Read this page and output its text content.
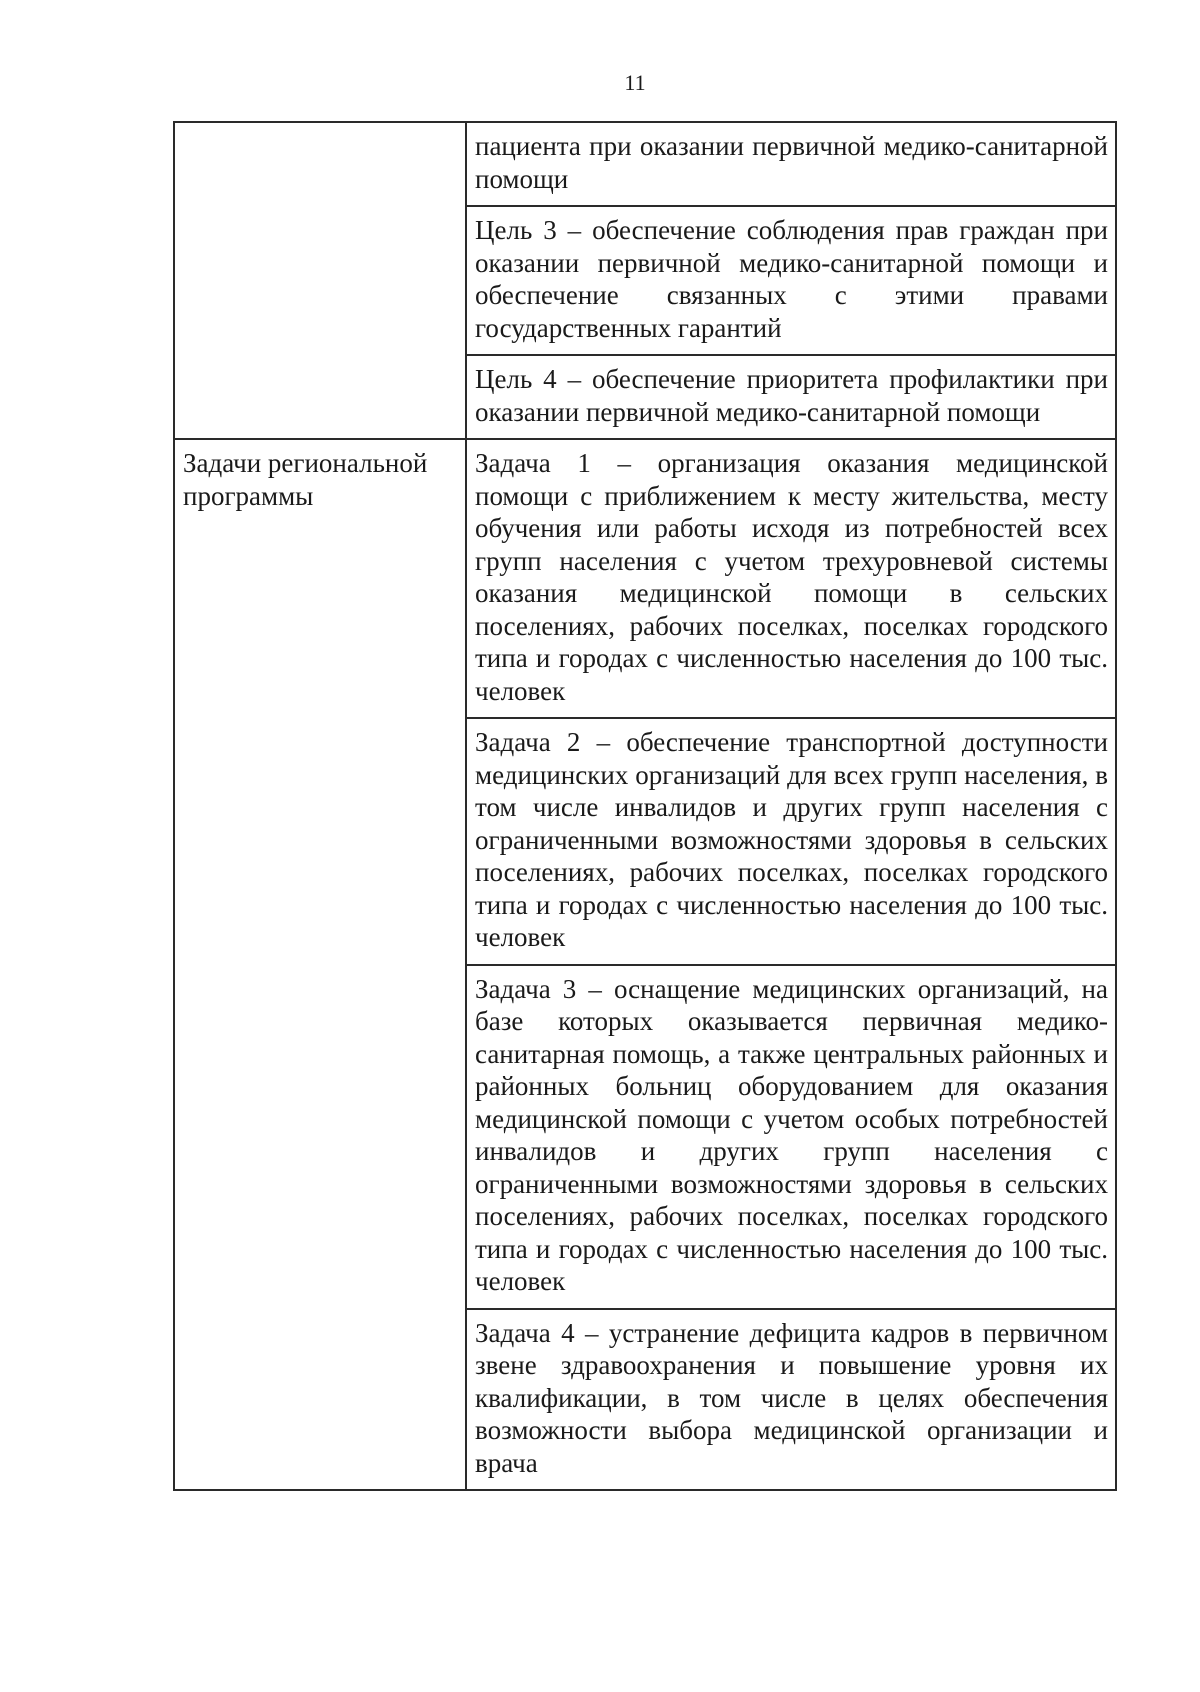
11

	пациента при оказании первичной медико-санитарной помощи

	Цель 3 – обеспечение соблюдения прав граждан при оказании первичной медико-санитарной помощи и обеспечение связанных с этими правами государственных гарантий

	Цель 4 – обеспечение приоритета профилактики при оказании первичной медико-санитарной помощи

Задачи региональной программы	Задача 1 – организация оказания медицинской помощи с приближением к месту жительства, месту обучения или работы исходя из потребностей всех групп населения с учетом трехуровневой системы оказания медицинской помощи в сельских поселениях, рабочих поселках, поселках городского типа и городах с численностью населения до 100 тыс. человек

	Задача 2 – обеспечение транспортной доступности медицинских организаций для всех групп населения, в том числе инвалидов и других групп населения с ограниченными возможностями здоровья в сельских поселениях, рабочих поселках, поселках городского типа и городах с численностью населения до 100 тыс. человек

	Задача 3 – оснащение медицинских организаций, на базе которых оказывается первичная медико-санитарная помощь, а также центральных районных и районных больниц оборудованием для оказания медицинской помощи с учетом особых потребностей инвалидов и других групп населения с ограниченными возможностями здоровья в сельских поселениях, рабочих поселках, поселках городского типа и городах с численностью населения до 100 тыс. человек

	Задача 4 – устранение дефицита кадров в первичном звене здравоохранения и повышение уровня их квалификации, в том числе в целях обеспечения возможности выбора медицинской организации и врача
